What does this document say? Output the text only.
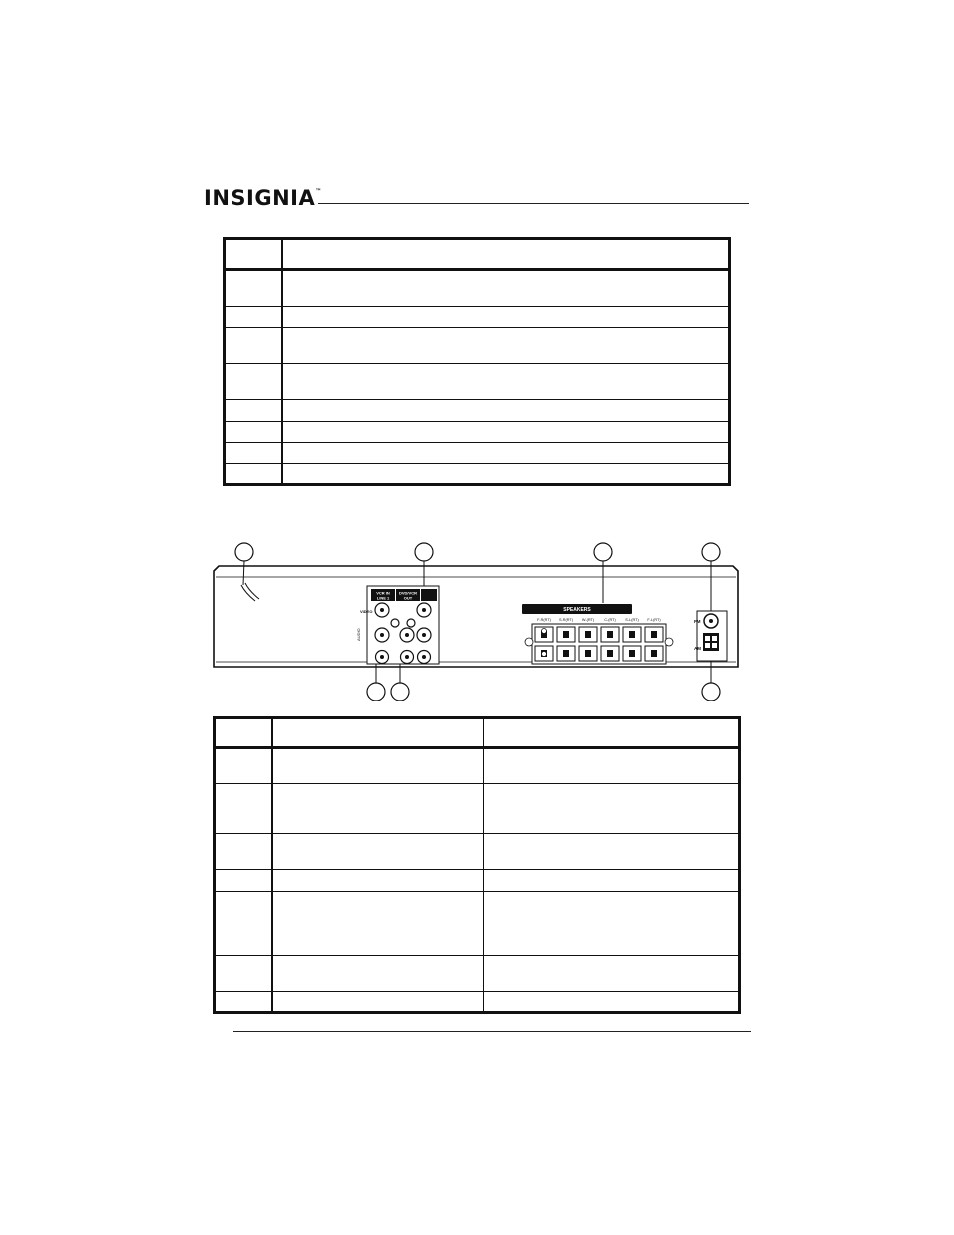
INSIGNIA™

VCR IN
LINE 1
DVD/VCR
OUT
VIDEO
AUDIO
SPEAKERS
F-R(RT) S-R(RT) W-(RT)	C-(RT)	S-L(RT) F-L(RT)	FM
AM
